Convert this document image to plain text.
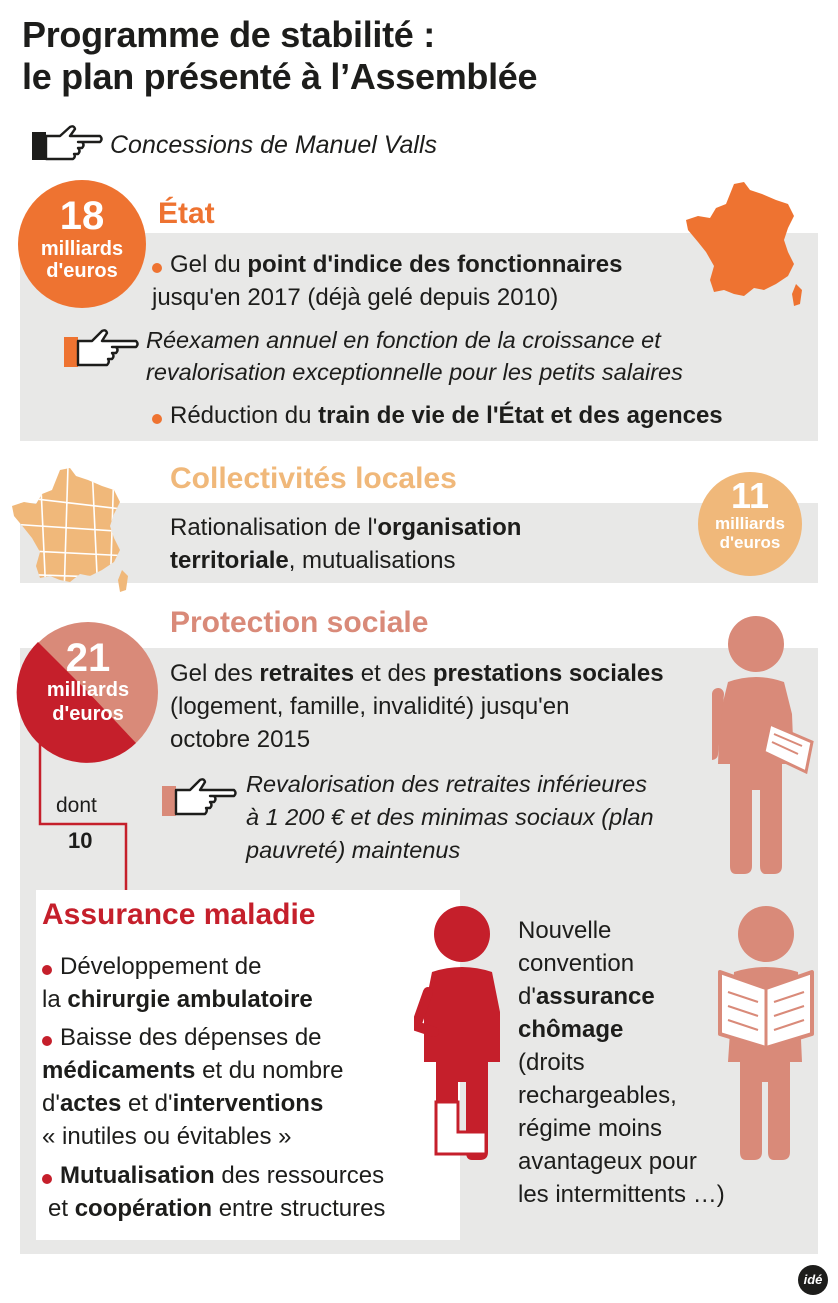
Programme de stabilité :
le plan présenté à l’Assemblée
Concessions de Manuel Valls
État
18
milliards
d'euros	Gel du point d'indice des fonctionnaires
jusqu'en 2017 (déjà gelé depuis 2010)
Réexamen annuel en fonction de la croissance et
revalorisation exceptionnelle pour les petits salaires
Réduction du train de vie de l'État et des agences
Collectivités locales	11
milliards
d'euros
Rationalisation de l'organisation
territoriale, mutualisations
Protection sociale
21
milliards
d'euros
dont
10
Gel des retraites et des prestations sociales
(logement, famille, invalidité) jusqu'en
octobre 2015
Revalorisation des retraites inférieures
à 1 200 € et des minimas sociaux (plan
pauvreté) maintenus
Assurance maladie
Développement de
la chirurgie ambulatoire
Baisse des dépenses de
médicaments et du nombre
d'actes et d'interventions
« inutiles ou évitables »
Mutualisation des ressources
et coopération entre structures
Nouvelle
convention
d'assurance
chômage
(droits
rechargeables,
régime moins
avantageux pour
les intermittents …)
idé
